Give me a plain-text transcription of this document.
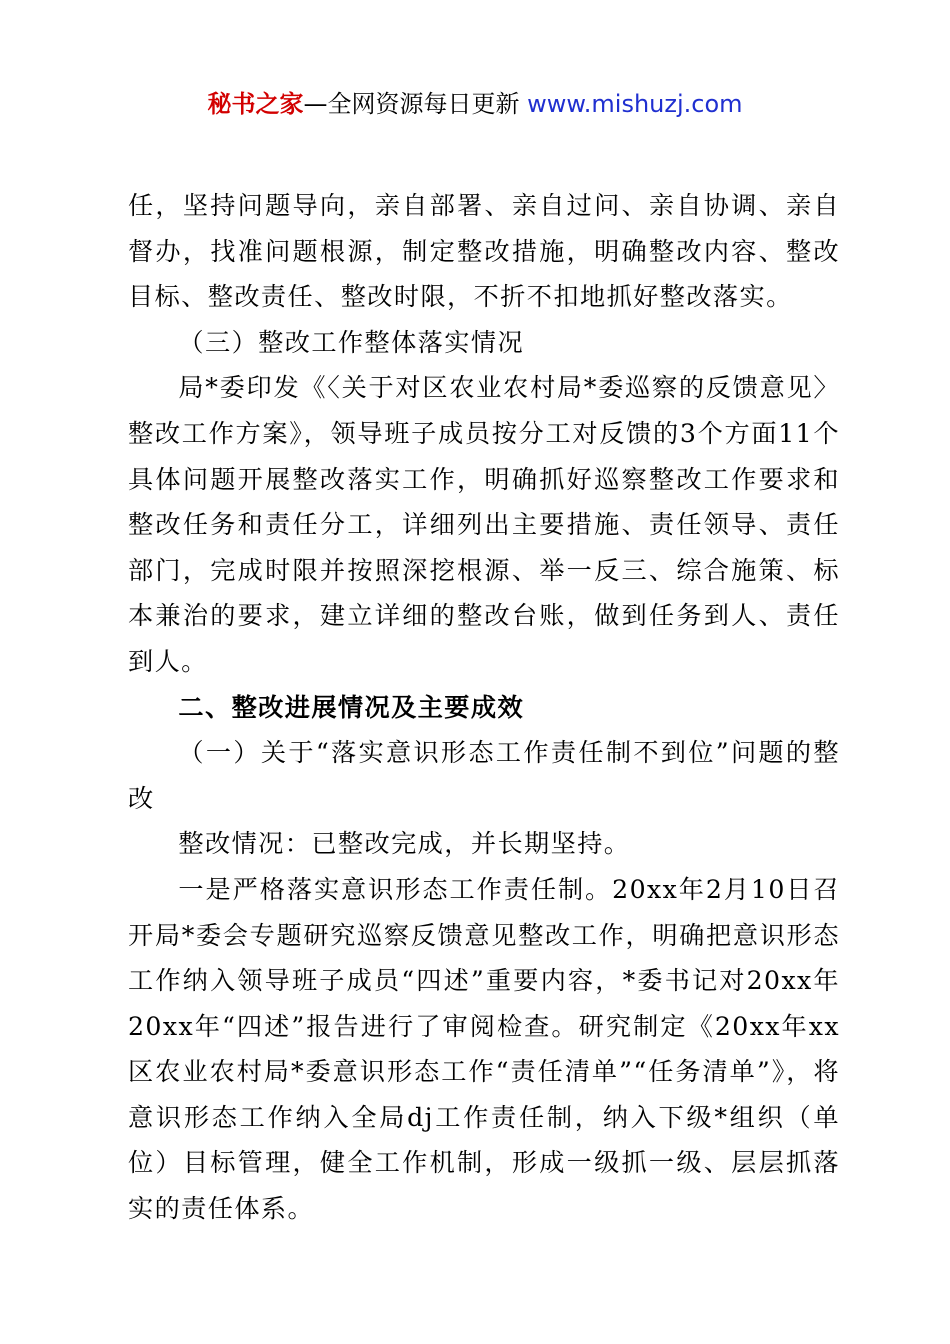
秘书之家—全网资源每日更新 www.mishuzj.com

任，坚持问题导向，亲自部署、亲自过问、亲自协调、亲自督办，找准问题根源，制定整改措施，明确整改内容、整改目标、整改责任、整改时限，不折不扣地抓好整改落实。

（三）整改工作整体落实情况

局*委印发《〈关于对区农业农村局*委巡察的反馈意见〉整改工作方案》，领导班子成员按分工对反馈的3个方面11个具体问题开展整改落实工作，明确抓好巡察整改工作要求和整改任务和责任分工，详细列出主要措施、责任领导、责任部门，完成时限并按照深挖根源、举一反三、综合施策、标本兼治的要求，建立详细的整改台账，做到任务到人、责任到人。

二、整改进展情况及主要成效

（一）关于“落实意识形态工作责任制不到位”问题的整改

整改情况：已整改完成，并长期坚持。

一是严格落实意识形态工作责任制。20xx年2月10日召开局*委会专题研究巡察反馈意见整改工作，明确把意识形态工作纳入领导班子成员“四述”重要内容，*委书记对20xx年20xx年“四述”报告进行了审阅检查。研究制定《20xx年xx区农业农村局*委意识形态工作“责任清单”“任务清单”》，将意识形态工作纳入全局dj工作责任制，纳入下级*组织（单位）目标管理，健全工作机制，形成一级抓一级、层层抓落实的责任体系。
